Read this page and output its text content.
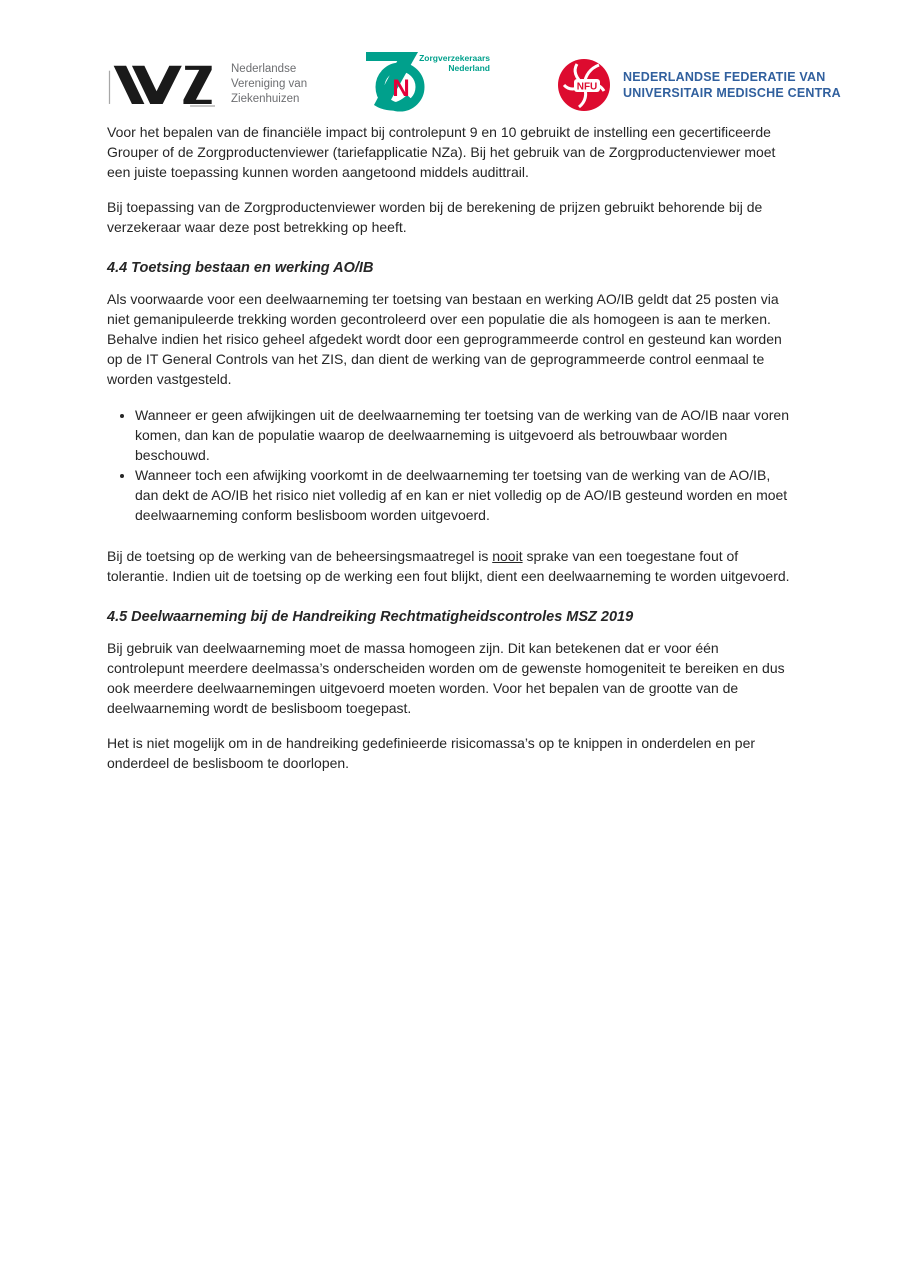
Nederlandse
Vereniging van
Ziekenhuizen	N
Zorgverzekeraars
Nederland
NFU
NEDERLANDSE FEDERATIE VAN
UNIVERSITAIR MEDISCHE CENTRA

Voor het bepalen van de financiële impact bij controlepunt 9 en 10 gebruikt de instelling een gecertificeerde Grouper of de Zorgproductenviewer (tariefapplicatie NZa). Bij het gebruik van de Zorgproductenviewer moet een juiste toepassing kunnen worden aangetoond middels audittrail.

Bij toepassing van de Zorgproductenviewer worden bij de berekening de prijzen gebruikt behorende bij de verzekeraar waar deze post betrekking op heeft.

4.4 Toetsing bestaan en werking AO/IB

Als voorwaarde voor een deelwaarneming ter toetsing van bestaan en werking AO/IB geldt dat 25 posten via niet gemanipuleerde trekking worden gecontroleerd over een populatie die als homogeen is aan te merken. Behalve indien het risico geheel afgedekt wordt door een geprogrammeerde control en gesteund kan worden op de IT General Controls van het ZIS, dan dient de werking van de geprogrammeerde control eenmaal te worden vastgesteld.

• Wanneer er geen afwijkingen uit de deelwaarneming ter toetsing van de werking van de AO/IB naar voren komen, dan kan de populatie waarop de deelwaarneming is uitgevoerd als betrouwbaar worden beschouwd.
• Wanneer toch een afwijking voorkomt in de deelwaarneming ter toetsing van de werking van de AO/IB, dan dekt de AO/IB het risico niet volledig af en kan er niet volledig op de AO/IB gesteund worden en moet deelwaarneming conform beslisboom worden uitgevoerd.

Bij de toetsing op de werking van de beheersingsmaatregel is nooit sprake van een toegestane fout of tolerantie. Indien uit de toetsing op de werking een fout blijkt, dient een deelwaarneming te worden uitgevoerd.

4.5 Deelwaarneming bij de Handreiking Rechtmatigheidscontroles MSZ 2019

Bij gebruik van deelwaarneming moet de massa homogeen zijn. Dit kan betekenen dat er voor één controlepunt meerdere deelmassa’s onderscheiden worden om de gewenste homogeniteit te bereiken en dus ook meerdere deelwaarnemingen uitgevoerd moeten worden. Voor het bepalen van de grootte van de deelwaarneming wordt de beslisboom toegepast.

Het is niet mogelijk om in de handreiking gedefinieerde risicomassa’s op te knippen in onderdelen en per onderdeel de beslisboom te doorlopen.
